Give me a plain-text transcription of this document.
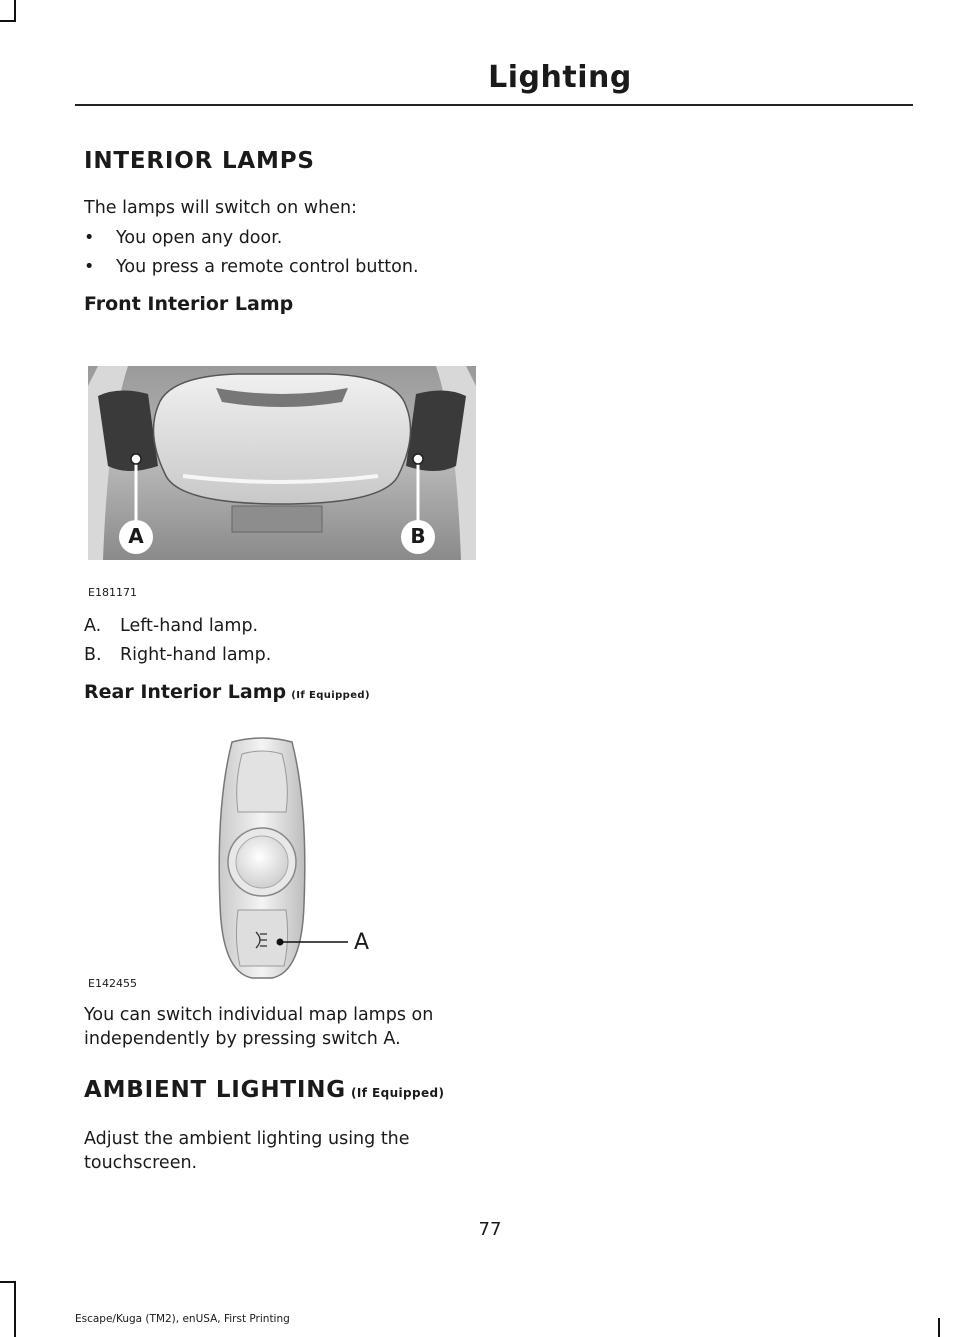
Lighting
INTERIOR LAMPS
The lamps will switch on when:
• You open any door.
• You press a remote control button.
Front Interior Lamp
A	B
E181171
A. Left-hand lamp.
B. Right-hand lamp.
Rear Interior Lamp (If Equipped)
A
E142455
You can switch individual map lamps on independently by pressing switch A.
AMBIENT LIGHTING (If Equipped)
Adjust the ambient lighting using the touchscreen.
77
Escape/Kuga (TM2), enUSA, First Printing
